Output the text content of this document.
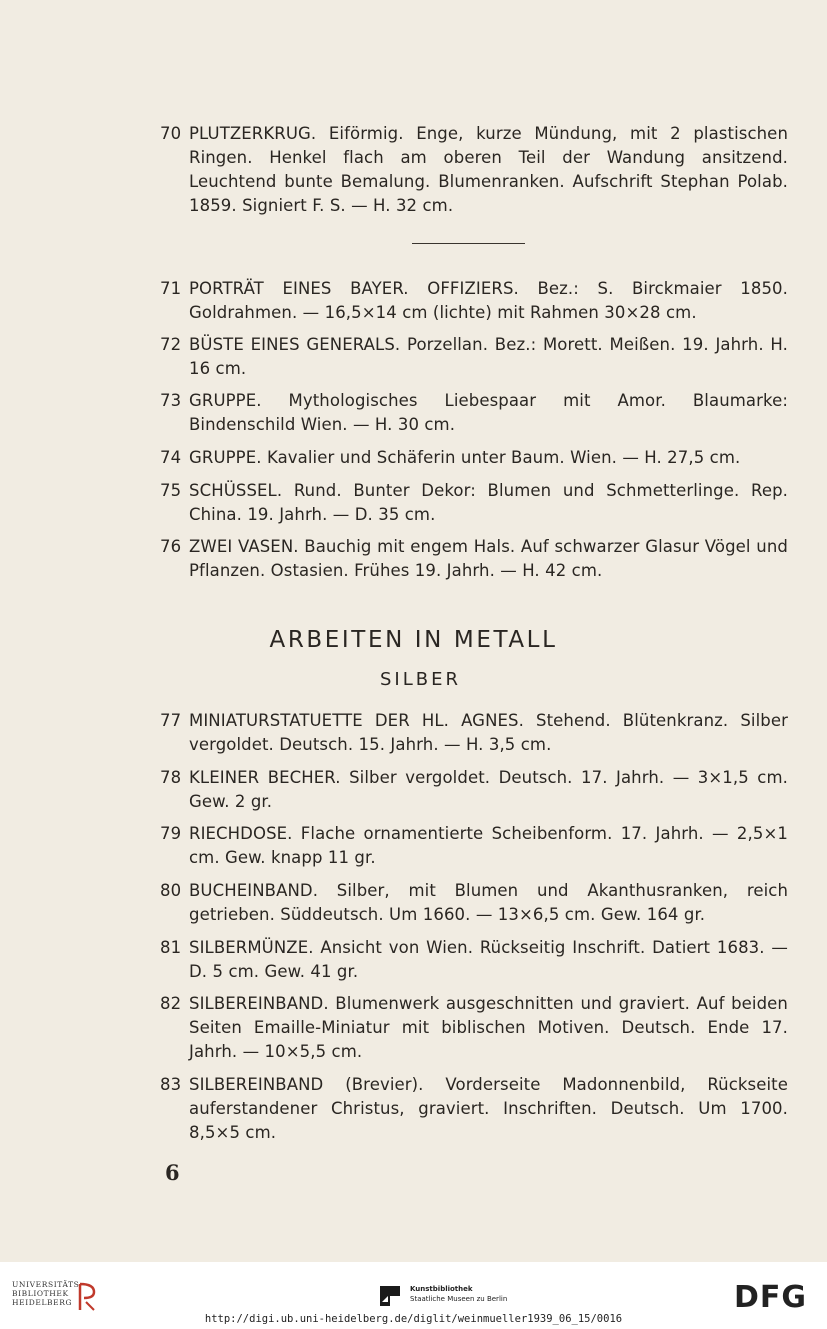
70 PLUTZERKRUG. Eiförmig. Enge, kurze Mündung, mit 2 plastischen Ringen. Henkel flach am oberen Teil der Wandung ansitzend. Leuchtend bunte Bemalung. Blumenranken. Aufschrift Stephan Polab. 1859. Signiert F. S. — H. 32 cm.
71 PORTRÄT EINES BAYER. OFFIZIERS. Bez.: S. Birckmaier 1850. Goldrahmen. — 16,5×14 cm (lichte) mit Rahmen 30×28 cm.
72 BÜSTE EINES GENERALS. Porzellan. Bez.: Morett. Meißen. 19. Jahrh. H. 16 cm.
73 GRUPPE. Mythologisches Liebespaar mit Amor. Blaumarke: Bindenschild Wien. — H. 30 cm.
74 GRUPPE. Kavalier und Schäferin unter Baum. Wien. — H. 27,5 cm.
75 SCHÜSSEL. Rund. Bunter Dekor: Blumen und Schmetterlinge. Rep. China. 19. Jahrh. — D. 35 cm.
76 ZWEI VASEN. Bauchig mit engem Hals. Auf schwarzer Glasur Vögel und Pflanzen. Ostasien. Frühes 19. Jahrh. — H. 42 cm.
ARBEITEN IN METALL
SILBER
77 MINIATURSTATUETTE DER HL. AGNES. Stehend. Blütenkranz. Silber vergoldet. Deutsch. 15. Jahrh. — H. 3,5 cm.
78 KLEINER BECHER. Silber vergoldet. Deutsch. 17. Jahrh. — 3×1,5 cm. Gew. 2 gr.
79 RIECHDOSE. Flache ornamentierte Scheibenform. 17. Jahrh. — 2,5×1 cm. Gew. knapp 11 gr.
80 BUCHEINBAND. Silber, mit Blumen und Akanthusranken, reich getrieben. Süddeutsch. Um 1660. — 13×6,5 cm. Gew. 164 gr.
81 SILBERMÜNZE. Ansicht von Wien. Rückseitig Inschrift. Datiert 1683. — D. 5 cm. Gew. 41 gr.
82 SILBEREINBAND. Blumenwerk ausgeschnitten und graviert. Auf beiden Seiten Emaille-Miniatur mit biblischen Motiven. Deutsch. Ende 17. Jahrh. — 10×5,5 cm.
83 SILBEREINBAND (Brevier). Vorderseite Madonnenbild, Rückseite auferstandener Christus, graviert. Inschriften. Deutsch. Um 1700. 8,5×5 cm.
6
UNIVERSITÄTS-
BIBLIOTHEK
HEIDELBERG
Kunstbibliothek
Staatliche Museen zu Berlin	DFG
http://digi.ub.uni-heidelberg.de/diglit/weinmueller1939_06_15/0016
